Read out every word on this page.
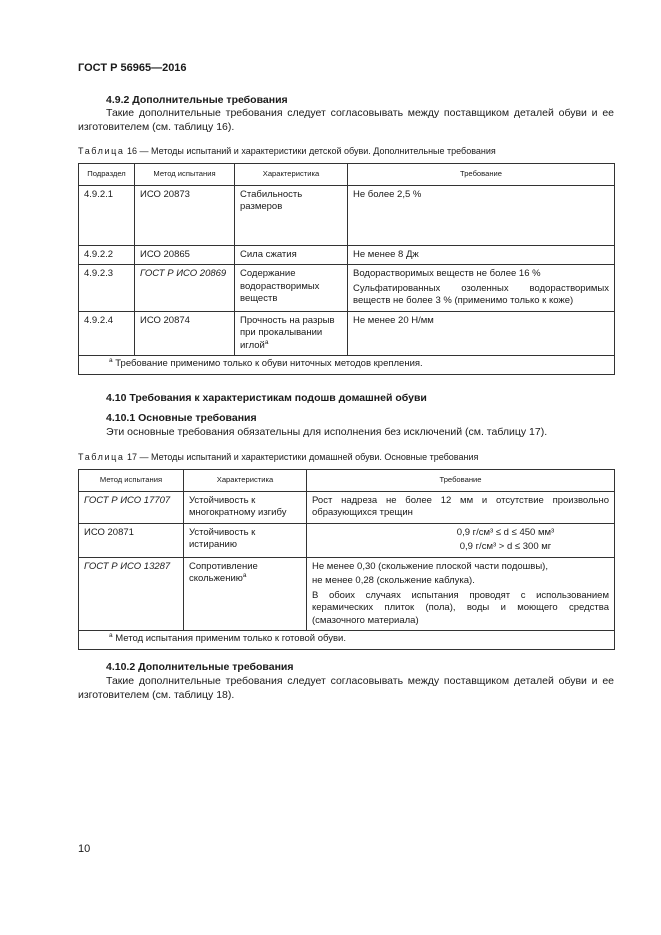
ГОСТ Р 56965—2016
4.9.2 Дополнительные требования
Такие дополнительные требования следует согласовывать между поставщиком деталей обуви и ее изготовителем (см. таблицу 16).
Таблица 16 — Методы испытаний и характеристики детской обуви. Дополнительные требования
Подраздел	Метод испытания	Характеристика	Требование
4.9.2.1	ИСО 20873	Стабильность размеров	Не более 2,5 %
4.9.2.2	ИСО 20865	Сила сжатия	Не менее 8 Дж
4.9.2.3	ГОСТ Р ИСО 20869	Содержание водорастворимых веществ	Водорастворимых веществ не более 16 %
Сульфатированных озоленных водорастворимых веществ не более 3 % (применимо только к коже)

4.9.2.4	ИСО 20874	Прочность на разрыв при прокалывании иглой$^a$	Не менее 20 Н/мм
$^a$ Требование применимо только к обуви ниточных методов крепления.			
4.10 Требования к характеристикам подошв домашней обуви
4.10.1 Основные требования
Эти основные требования обязательны для исполнения без исключений (см. таблицу 17).
Таблица 17 — Методы испытаний и характеристики домашней обуви. Основные требования
Метод испытания	Характеристика	Требование
ГОСТ Р ИСО 17707	Устойчивость к многократному изгибу	Рост надреза не более 12 мм и отсутствие произвольно образующихся трещин
ИСО 20871	Устойчивость к истиранию	0,9 г/см³ ≤ d ≤ 450 мм³
0,9 г/см³ > d ≤ 300 мг

ГОСТ Р ИСО 13287	Сопротивление скольжению$^a$	Не менее 0,30 (скольжение плоской части подошвы),
не менее 0,28 (скольжение каблука).
В обоих случаях испытания проводят с использованием керамических плиток (пола), воды и моющего средства (смазочного материала)

$^a$ Метод испытания применим только к готовой обуви.		
4.10.2 Дополнительные требования
Такие дополнительные требования следует согласовывать между поставщиком деталей обуви и ее изготовителем (см. таблицу 18).
10
